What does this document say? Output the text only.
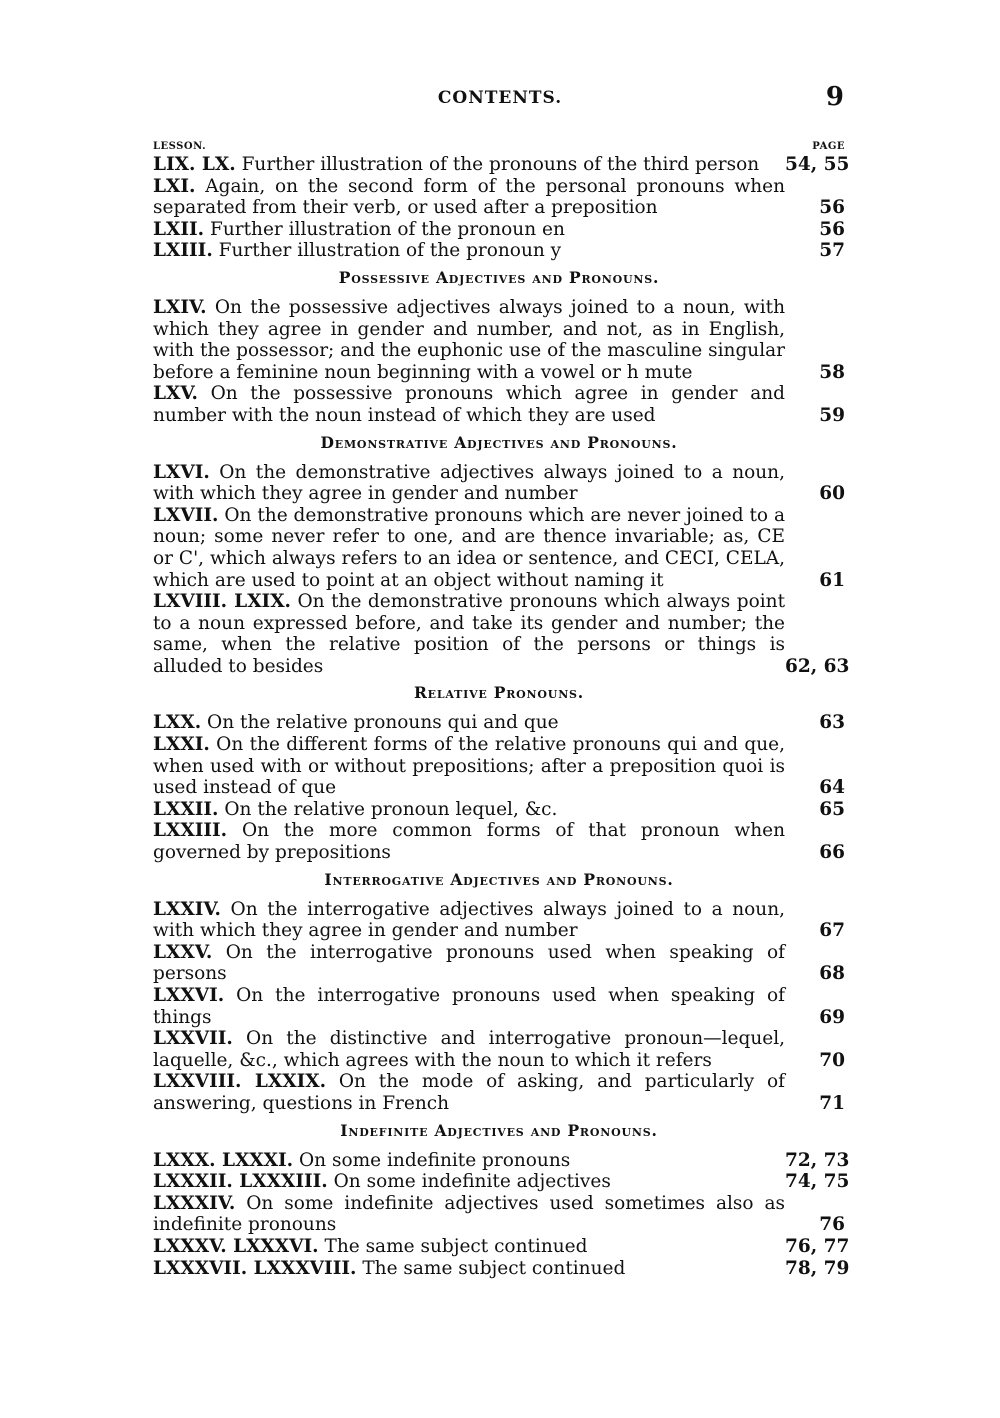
CONTENTS.	9
LESSON.	PAGE
LIX. LX. Further illustration of the pronouns of the third person	54, 55
LXI. Again, on the second form of the personal pronouns when separated from their verb, or used after a preposition	56
LXII. Further illustration of the pronoun en	56
LXIII. Further illustration of the pronoun y	57
Possessive Adjectives and Pronouns.
LXIV. On the possessive adjectives always joined to a noun, with which they agree in gender and number, and not, as in English, with the possessor; and the euphonic use of the masculine singular before a feminine noun beginning with a vowel or h mute	58
LXV. On the possessive pronouns which agree in gender and number with the noun instead of which they are used	59
Demonstrative Adjectives and Pronouns.
LXVI. On the demonstrative adjectives always joined to a noun, with which they agree in gender and number	60
LXVII. On the demonstrative pronouns which are never joined to a noun; some never refer to one, and are thence invariable; as, CE or C', which always refers to an idea or sentence, and CECI, CELA, which are used to point at an object without naming it	61
LXVIII. LXIX. On the demonstrative pronouns which always point to a noun expressed before, and take its gender and number; the same, when the relative position of the persons or things is alluded to besides	62, 63
Relative Pronouns.
LXX. On the relative pronouns qui and que	63
LXXI. On the different forms of the relative pronouns qui and que, when used with or without prepositions; after a preposition quoi is used instead of que	64
LXXII. On the relative pronoun lequel, &c.	65
LXXIII. On the more common forms of that pronoun when governed by prepositions	66
Interrogative Adjectives and Pronouns.
LXXIV. On the interrogative adjectives always joined to a noun, with which they agree in gender and number	67
LXXV. On the interrogative pronouns used when speaking of persons	68
LXXVI. On the interrogative pronouns used when speaking of things	69
LXXVII. On the distinctive and interrogative pronoun—lequel, laquelle, &c., which agrees with the noun to which it refers	70
LXXVIII. LXXIX. On the mode of asking, and particularly of answering, questions in French	71
Indefinite Adjectives and Pronouns.
LXXX. LXXXI. On some indefinite pronouns	72, 73
LXXXII. LXXXIII. On some indefinite adjectives	74, 75
LXXXIV. On some indefinite adjectives used sometimes also as indefinite pronouns	76
LXXXV. LXXXVI. The same subject continued	76, 77
LXXXVII. LXXXVIII. The same subject continued	78, 79
